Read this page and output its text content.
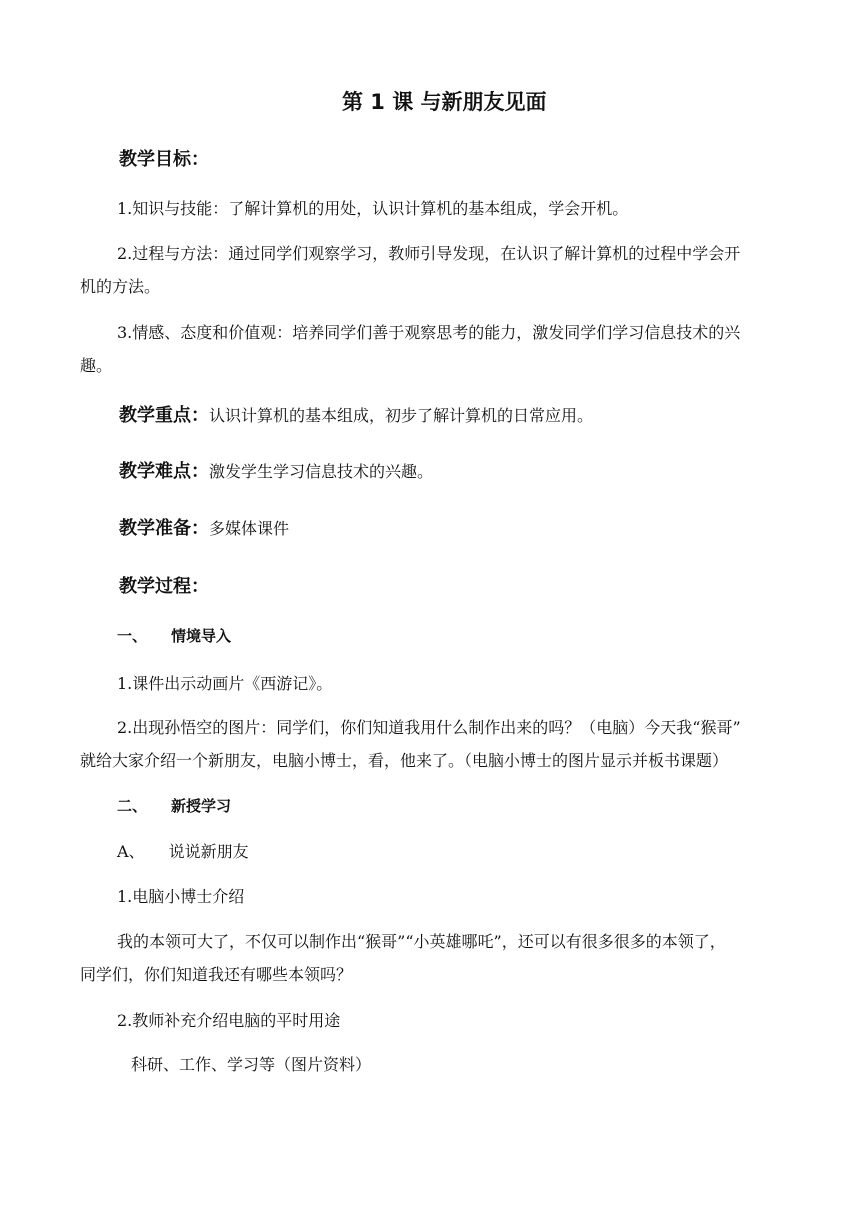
第 1 课 与新朋友见面
教学目标：
1.知识与技能：了解计算机的用处，认识计算机的基本组成，学会开机。
2.过程与方法：通过同学们观察学习，教师引导发现，在认识了解计算机的过程中学会开
机的方法。
3.情感、态度和价值观：培养同学们善于观察思考的能力，激发同学们学习信息技术的兴
趣。
教学重点：认识计算机的基本组成，初步了解计算机的日常应用。
教学难点：激发学生学习信息技术的兴趣。
教学准备：多媒体课件
教学过程：
一、 情境导入
1.课件出示动画片《西游记》。
2.出现孙悟空的图片：同学们，你们知道我用什么制作出来的吗？（电脑）今天我“猴哥”
就给大家介绍一个新朋友，电脑小博士，看，他来了。（电脑小博士的图片显示并板书课题）
二、 新授学习
A、 说说新朋友
1.电脑小博士介绍
我的本领可大了，不仅可以制作出“猴哥”“小英雄哪吒”，还可以有很多很多的本领了，
同学们，你们知道我还有哪些本领吗？
2.教师补充介绍电脑的平时用途
科研、工作、学习等（图片资料）
